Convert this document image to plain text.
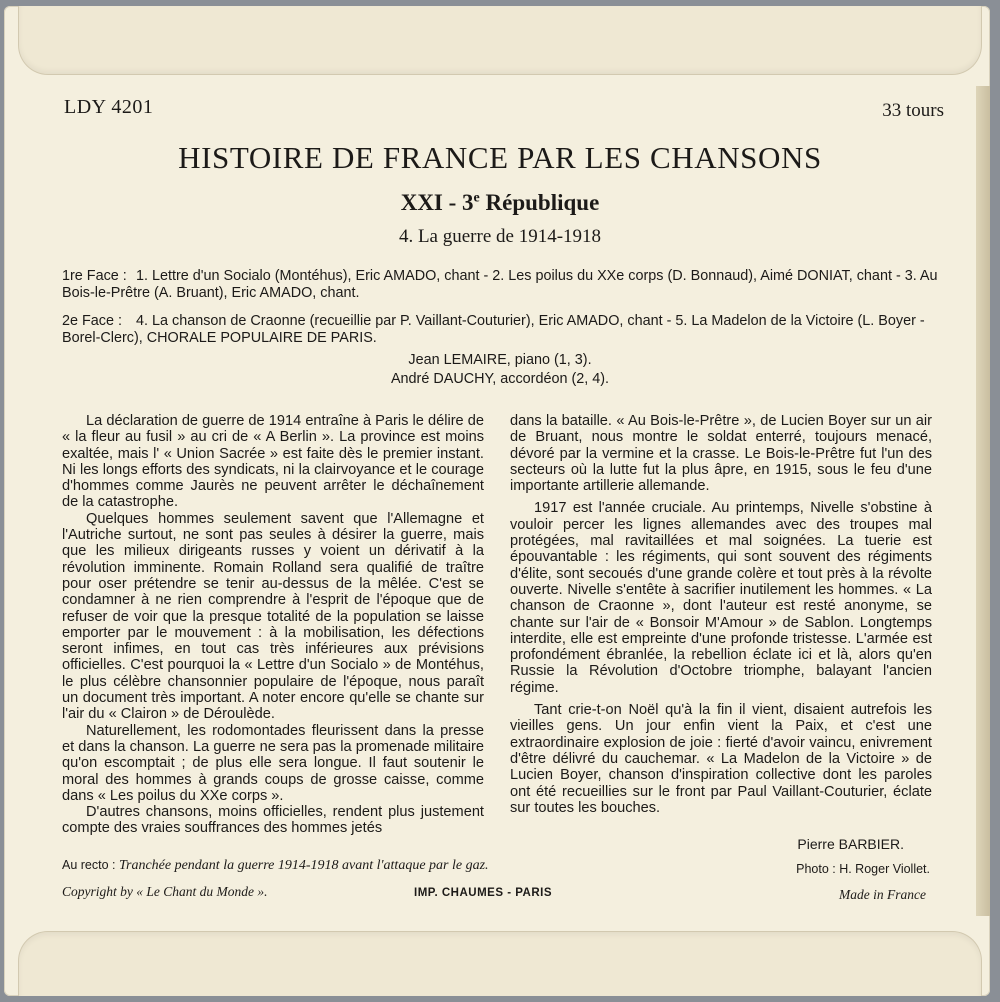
LDY 4201	33 tours
HISTOIRE DE FRANCE PAR LES CHANSONS
XXI - 3e République
4. La guerre de 1914-1918
1re Face : 1. Lettre d'un Socialo (Montéhus), Eric AMADO, chant - 2. Les poilus du XXe corps (D. Bonnaud), Aimé DONIAT, chant - 3. Au Bois-le-Prêtre (A. Bruant), Eric AMADO, chant.
2e Face : 4. La chanson de Craonne (recueillie par P. Vaillant-Couturier), Eric AMADO, chant - 5. La Madelon de la Victoire (L. Boyer - Borel-Clerc), CHORALE POPULAIRE DE PARIS.
Jean LEMAIRE, piano (1, 3).
André DAUCHY, accordéon (2, 4).

La déclaration de guerre de 1914 entraîne à Paris le délire de « la fleur au fusil » au cri de « A Berlin ». La province est moins exaltée, mais l' « Union Sacrée » est faite dès le premier instant. Ni les longs efforts des syndicats, ni la clairvoyance et le courage d'hommes comme Jaurès ne peuvent arrêter le déchaînement de la catastrophe.

Quelques hommes seulement savent que l'Allemagne et l'Autriche surtout, ne sont pas seules à désirer la guerre, mais que les milieux dirigeants russes y voient un dérivatif à la révolution imminente. Romain Rolland sera qualifié de traître pour oser prétendre se tenir au-dessus de la mêlée. C'est se condamner à ne rien comprendre à l'esprit de l'époque que de refuser de voir que la presque totalité de la population se laisse emporter par le mouvement : à la mobilisation, les défections seront infimes, en tout cas très inférieures aux prévisions officielles. C'est pourquoi la « Lettre d'un Socialo » de Montéhus, le plus célèbre chansonnier populaire de l'époque, nous paraît un document très important. A noter encore qu'elle se chante sur l'air du « Clairon » de Déroulède.

Naturellement, les rodomontades fleurissent dans la presse et dans la chanson. La guerre ne sera pas la promenade militaire qu'on escomptait ; de plus elle sera longue. Il faut soutenir le moral des hommes à grands coups de grosse caisse, comme dans « Les poilus du XXe corps ».

D'autres chansons, moins officielles, rendent plus justement compte des vraies souffrances des hommes jetés

dans la bataille. « Au Bois-le-Prêtre », de Lucien Boyer sur un air de Bruant, nous montre le soldat enterré, toujours menacé, dévoré par la vermine et la crasse. Le Bois-le-Prêtre fut l'un des secteurs où la lutte fut la plus âpre, en 1915, sous le feu d'une importante artillerie allemande.

1917 est l'année cruciale. Au printemps, Nivelle s'obstine à vouloir percer les lignes allemandes avec des troupes mal protégées, mal ravitaillées et mal soignées. La tuerie est épouvantable : les régiments, qui sont souvent des régiments d'élite, sont secoués d'une grande colère et tout près à la révolte ouverte. Nivelle s'entête à sacrifier inutilement les hommes. « La chanson de Craonne », dont l'auteur est resté anonyme, se chante sur l'air de « Bonsoir M'Amour » de Sablon. Longtemps interdite, elle est empreinte d'une profonde tristesse. L'armée est profondément ébranlée, la rebellion éclate ici et là, alors qu'en Russie la Révolution d'Octobre triomphe, balayant l'ancien régime.

Tant crie-t-on Noël qu'à la fin il vient, disaient autrefois les vieilles gens. Un jour enfin vient la Paix, et c'est une extraordinaire explosion de joie : fierté d'avoir vaincu, enivrement d'être délivré du cauchemar. « La Madelon de la Victoire » de Lucien Boyer, chanson d'inspiration collective dont les paroles ont été recueillies sur le front par Paul Vaillant-Couturier, éclate sur toutes les bouches.

Pierre BARBIER.
Au recto : Tranchée pendant la guerre 1914-1918 avant l'attaque par le gaz.	Photo : H. Roger Viollet.
Copyright by « Le Chant du Monde ».	IMP. CHAUMES - PARIS	Made in France
